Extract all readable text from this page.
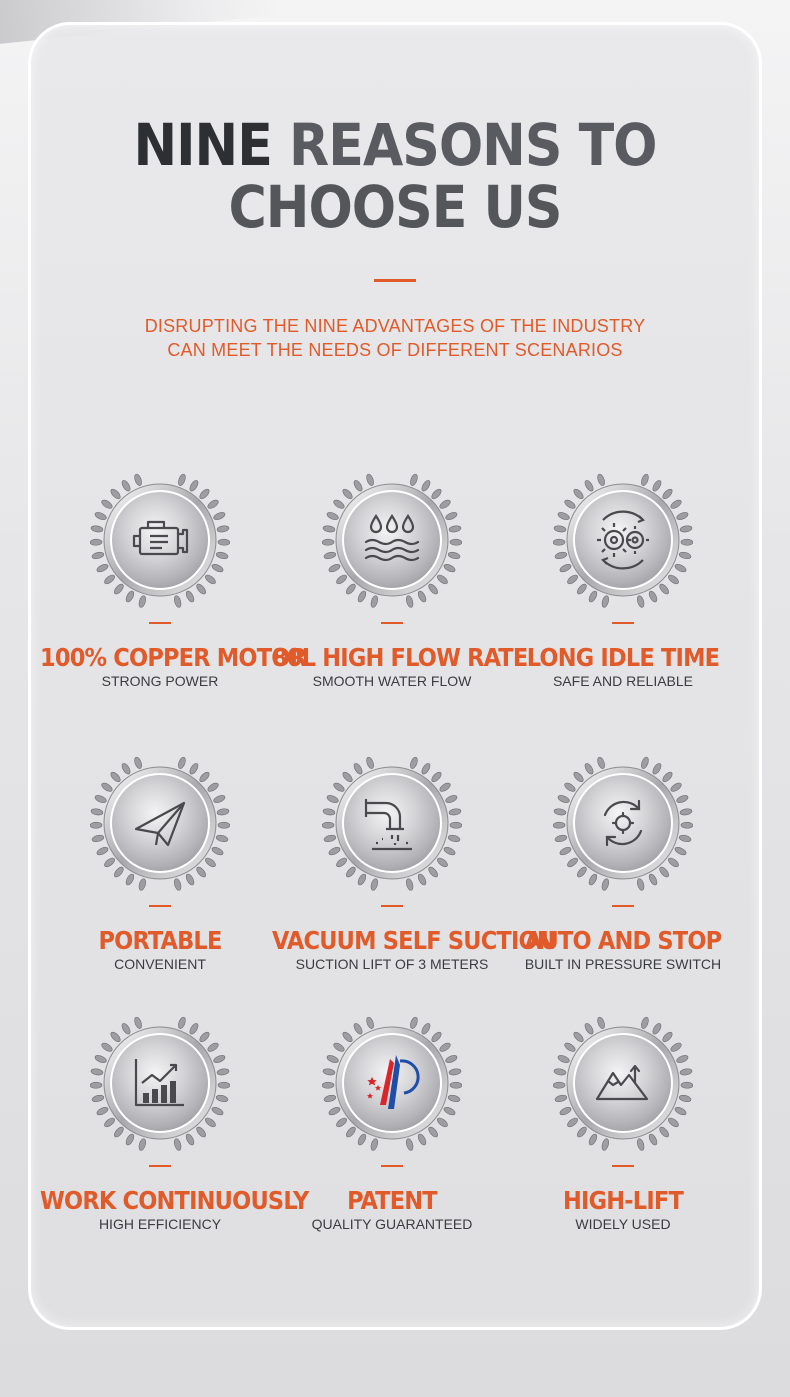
NINE REASONS TO
CHOOSE US
DISRUPTING THE NINE ADVANTAGES OF THE INDUSTRY
CAN MEET THE NEEDS OF DIFFERENT SCENARIOS
100% COPPER MOTOR
STRONG POWER
80L HIGH FLOW RATE
SMOOTH WATER FLOW
LONG IDLE TIME
SAFE AND RELIABLE
PORTABLE
CONVENIENT
VACUUM SELF SUCTION
SUCTION LIFT OF 3 METERS
AUTO AND STOP
BUILT IN PRESSURE SWITCH
WORK CONTINUOUSLY
HIGH EFFICIENCY
PATENT
QUALITY GUARANTEED
HIGH-LIFT
WIDELY USED
